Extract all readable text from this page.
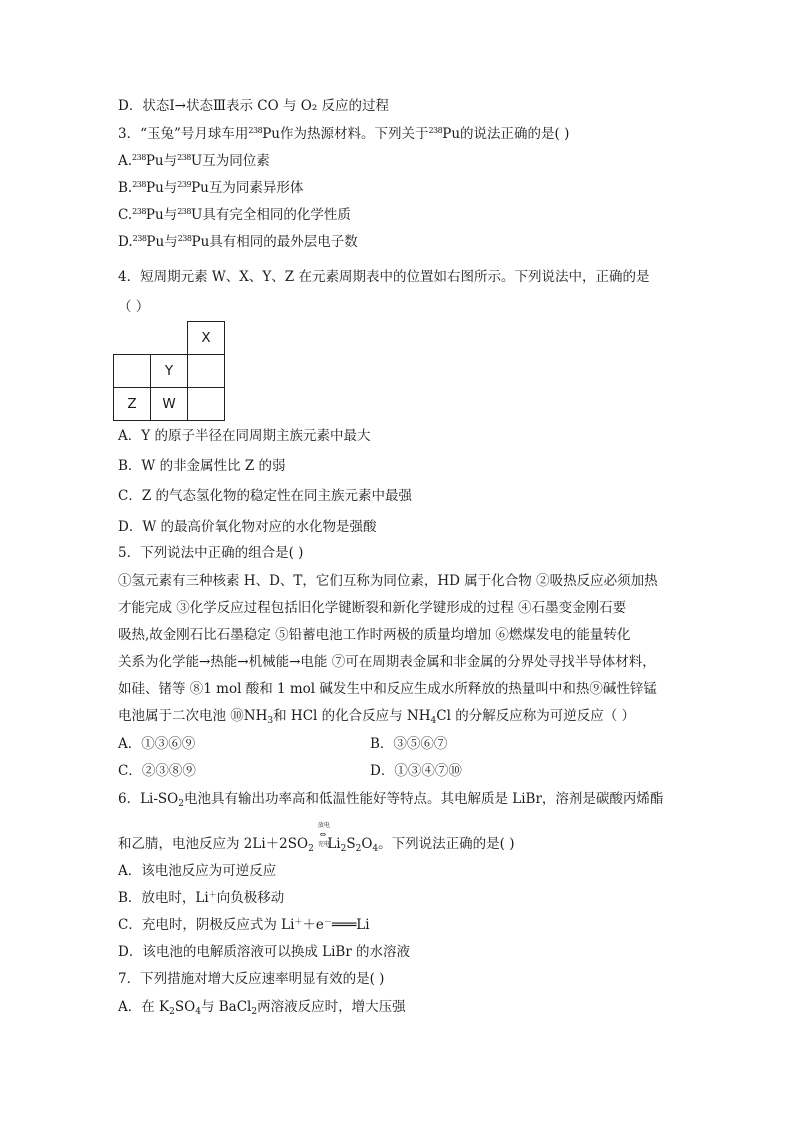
D．状态Ⅰ→状态Ⅲ表示 CO 与 O₂ 反应的过程
3．“玉兔”号月球车用$^{238}$Pu作为热源材料。下列关于$^{238}$Pu的说法正确的是( )
A.$^{238}$Pu与$^{238}$U互为同位素
B.$^{238}$Pu与$^{239}$Pu互为同素异形体
C.$^{238}$Pu与$^{238}$U具有完全相同的化学性质
D.$^{238}$Pu与$^{238}$Pu具有相同的最外层电子数
4．短周期元素 W、X、Y、Z 在元素周期表中的位置如右图所示。下列说法中，正确的是
（ ）
		X
	Y	
Z	W	
A．Y 的原子半径在同周期主族元素中最大
B．W 的非金属性比 Z 的弱
C．Z 的气态氢化物的稳定性在同主族元素中最强
D．W 的最高价氧化物对应的水化物是强酸
5．下列说法中正确的组合是( )
①氢元素有三种核素 H、D、T，它们互称为同位素，HD 属于化合物 ②吸热反应必须加热
才能完成 ③化学反应过程包括旧化学键断裂和新化学键形成的过程 ④石墨变金刚石要
吸热,故金刚石比石墨稳定 ⑤铅蓄电池工作时两极的质量均增加 ⑥燃煤发电的能量转化
关系为化学能→热能→机械能→电能 ⑦可在周期表金属和非金属的分界处寻找半导体材料，
如硅、锗等 ⑧1 mol 酸和 1 mol 碱发生中和反应生成水所释放的热量叫中和热⑨碱性锌锰
电池属于二次电池 $⑩NH_3$和 HCl 的化合反应与 $NH_4Cl$ 的分解反应称为可逆反应（ ）
A．①③⑥⑨	B．③⑤⑥⑦
C．②③⑧⑨	D．①③④⑦⑩
6．$Li-SO_2$电池具有输出功率高和低温性能好等特点。其电解质是 LiBr，溶剂是碳酸丙烯酯
和乙腈，电池反应为 $2Li+2SO_2$
放电
⇔
充电
 $Li_2S_2O_4$。下列说法正确的是( )
A．该电池反应为可逆反应
B．放电时，Li＋向负极移动
C．充电时，阴极反应式为 Li＋＋e－═══Li
D．该电池的电解质溶液可以换成 LiBr 的水溶液
7．下列措施对增大反应速率明显有效的是( )
A．在 $K_2SO_4$与 BaCl$_2$两溶液反应时，增大压强
